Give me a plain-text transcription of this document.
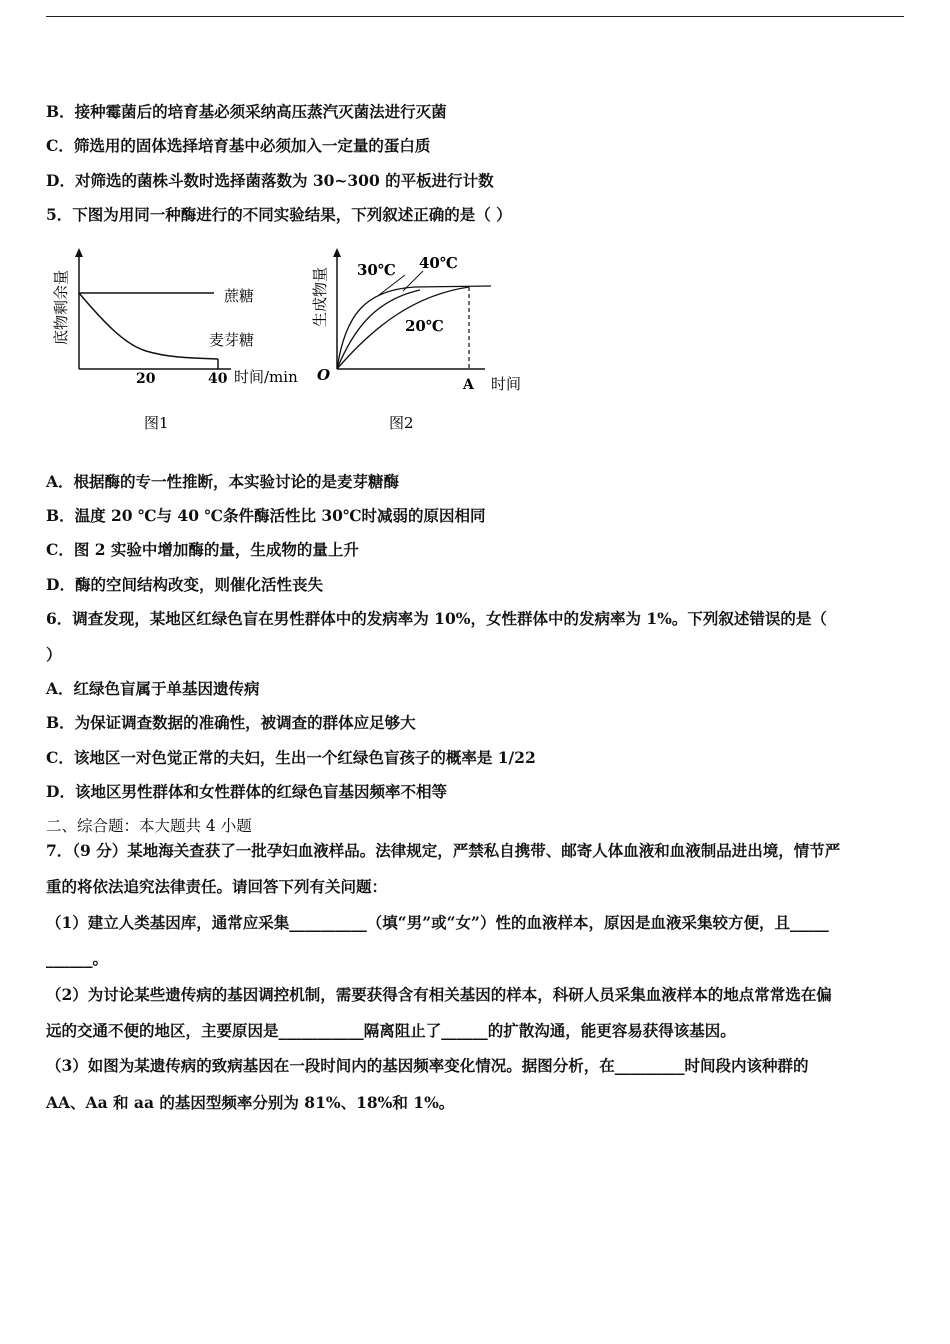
B．接种霉菌后的培育基必须采纳高压蒸汽灭菌法进行灭菌
C．筛选用的固体选择培育基中必须加入一定量的蛋白质
D．对筛选的菌株斗数时选择菌落数为 30~300 的平板进行计数
5．下图为用同一种酶进行的不同实验结果，下列叙述正确的是（ ）
底物剩余量	蔗糖
麦芽糖
20	40 时间/min
图1
生成物量 30℃ 40℃
20℃
O
A 时间
图2
A．根据酶的专一性推断，本实验讨论的是麦芽糖酶
B．温度 20 ℃与 40 ℃条件酶活性比 30℃时减弱的原因相同
C．图 2 实验中增加酶的量，生成物的量上升
D．酶的空间结构改变，则催化活性丧失
6．调查发现，某地区红绿色盲在男性群体中的发病率为 10%，女性群体中的发病率为 1%。下列叙述错误的是（
）
A．红绿色盲属于单基因遗传病
B．为保证调查数据的准确性，被调查的群体应足够大
C．该地区一对色觉正常的夫妇，生出一个红绿色盲孩子的概率是 1/22
D．该地区男性群体和女性群体的红绿色盲基因频率不相等
二、综合题：本大题共 4 小题
7．（9 分）某地海关查获了一批孕妇血液样品。法律规定，严禁私自携带、邮寄人体血液和血液制品进出境，情节严
重的将依法追究法律责任。请回答下列有关问题：
（1）建立人类基因库，通常应采集__________（填“男”或“女”）性的血液样本，原因是血液采集较方便，且_____
______。
（2）为讨论某些遗传病的基因调控机制，需要获得含有相关基因的样本，科研人员采集血液样本的地点常常选在偏
远的交通不便的地区，主要原因是___________隔离阻止了______的扩散沟通，能更容易获得该基因。
（3）如图为某遗传病的致病基因在一段时间内的基因频率变化情况。据图分析，在_________时间段内该种群的
AA、Aa 和 aa 的基因型频率分别为 81%、18%和 1%。
